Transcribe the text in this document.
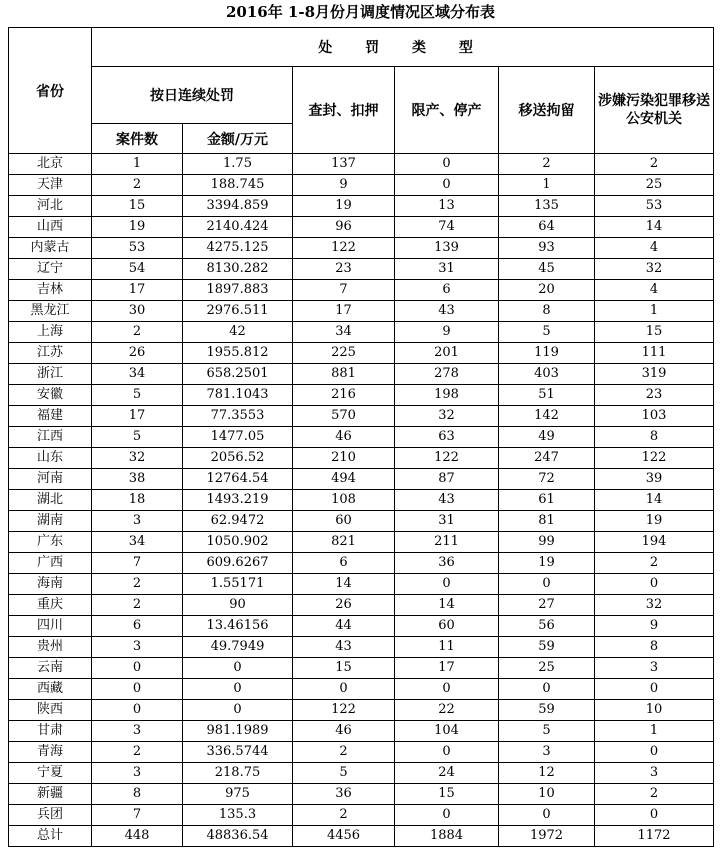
2016年 1-8月份月调度情况区域分布表
省份	处 罚 类 型					
	按日连续处罚		查封、扣押	限产、停产	移送拘留	涉嫌污染犯罪移送公安机关
	案件数	金额/万元				
北京	1	1.75	137	0	2	2
天津	2	188.745	9	0	1	25
河北	15	3394.859	19	13	135	53
山西	19	2140.424	96	74	64	14
内蒙古	53	4275.125	122	139	93	4
辽宁	54	8130.282	23	31	45	32
吉林	17	1897.883	7	6	20	4
黑龙江	30	2976.511	17	43	8	1
上海	2	42	34	9	5	15
江苏	26	1955.812	225	201	119	111
浙江	34	658.2501	881	278	403	319
安徽	5	781.1043	216	198	51	23
福建	17	77.3553	570	32	142	103
江西	5	1477.05	46	63	49	8
山东	32	2056.52	210	122	247	122
河南	38	12764.54	494	87	72	39
湖北	18	1493.219	108	43	61	14
湖南	3	62.9472	60	31	81	19
广东	34	1050.902	821	211	99	194
广西	7	609.6267	6	36	19	2
海南	2	1.55171	14	0	0	0
重庆	2	90	26	14	27	32
四川	6	13.46156	44	60	56	9
贵州	3	49.7949	43	11	59	8
云南	0	0	15	17	25	3
西藏	0	0	0	0	0	0
陕西	0	0	122	22	59	10
甘肃	3	981.1989	46	104	5	1
青海	2	336.5744	2	0	3	0
宁夏	3	218.75	5	24	12	3
新疆	8	975	36	15	10	2
兵团	7	135.3	2	0	0	0
总计	448	48836.54	4456	1884	1972	1172
